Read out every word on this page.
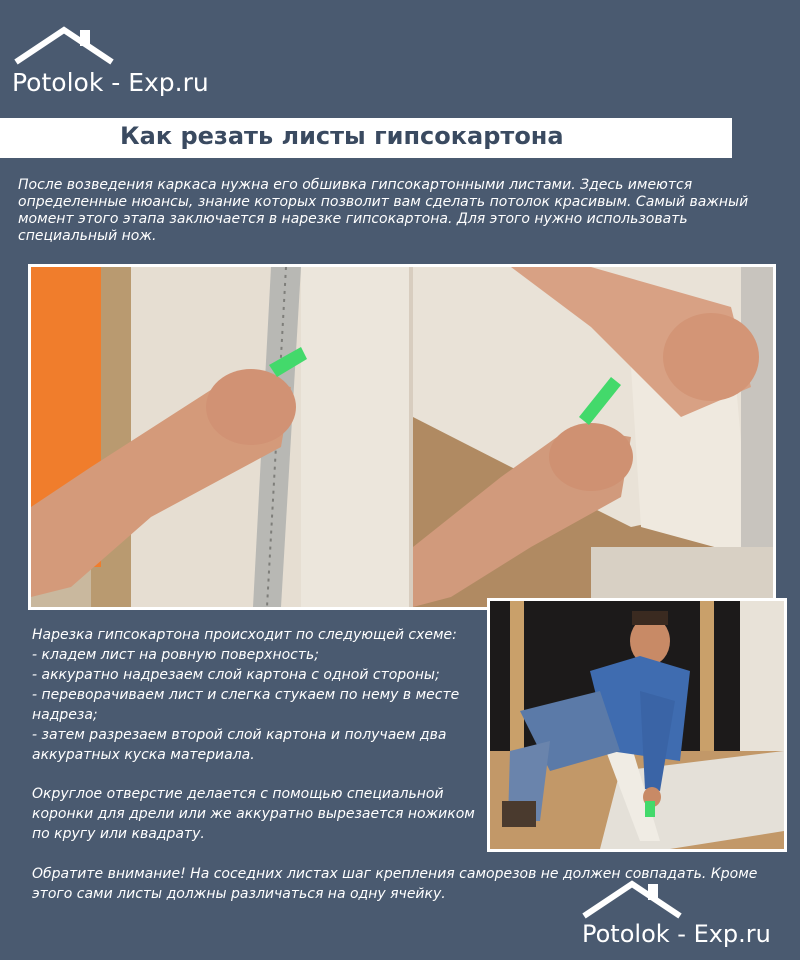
Potolok - Exp.ru
Как резать листы гипсокартона

После возведения каркаса нужна его обшивка гипсокартонными листами. Здесь имеются определенные нюансы, знание которых позволит вам сделать потолок красивым. Самый важный момент этого этапа заключается в нарезке гипсокартона. Для этого нужно использовать специальный нож.

Нарезка гипсокартона происходит по следующей схеме:

- кладем лист на ровную поверхность;
- аккуратно надрезаем слой картона с одной стороны;
- переворачиваем лист и слегка стукаем по нему в месте надреза;
- затем разрезаем второй слой картона и получаем два аккуратных куска материала.

Округлое отверстие делается с помощью специальной коронки для дрели или же аккуратно вырезается ножиком по кругу или квадрату.

Обратите внимание! На соседних листах шаг крепления саморезов не должен совпадать. Кроме этого сами листы должны различаться на одну ячейку.

Potolok - Exp.ru
